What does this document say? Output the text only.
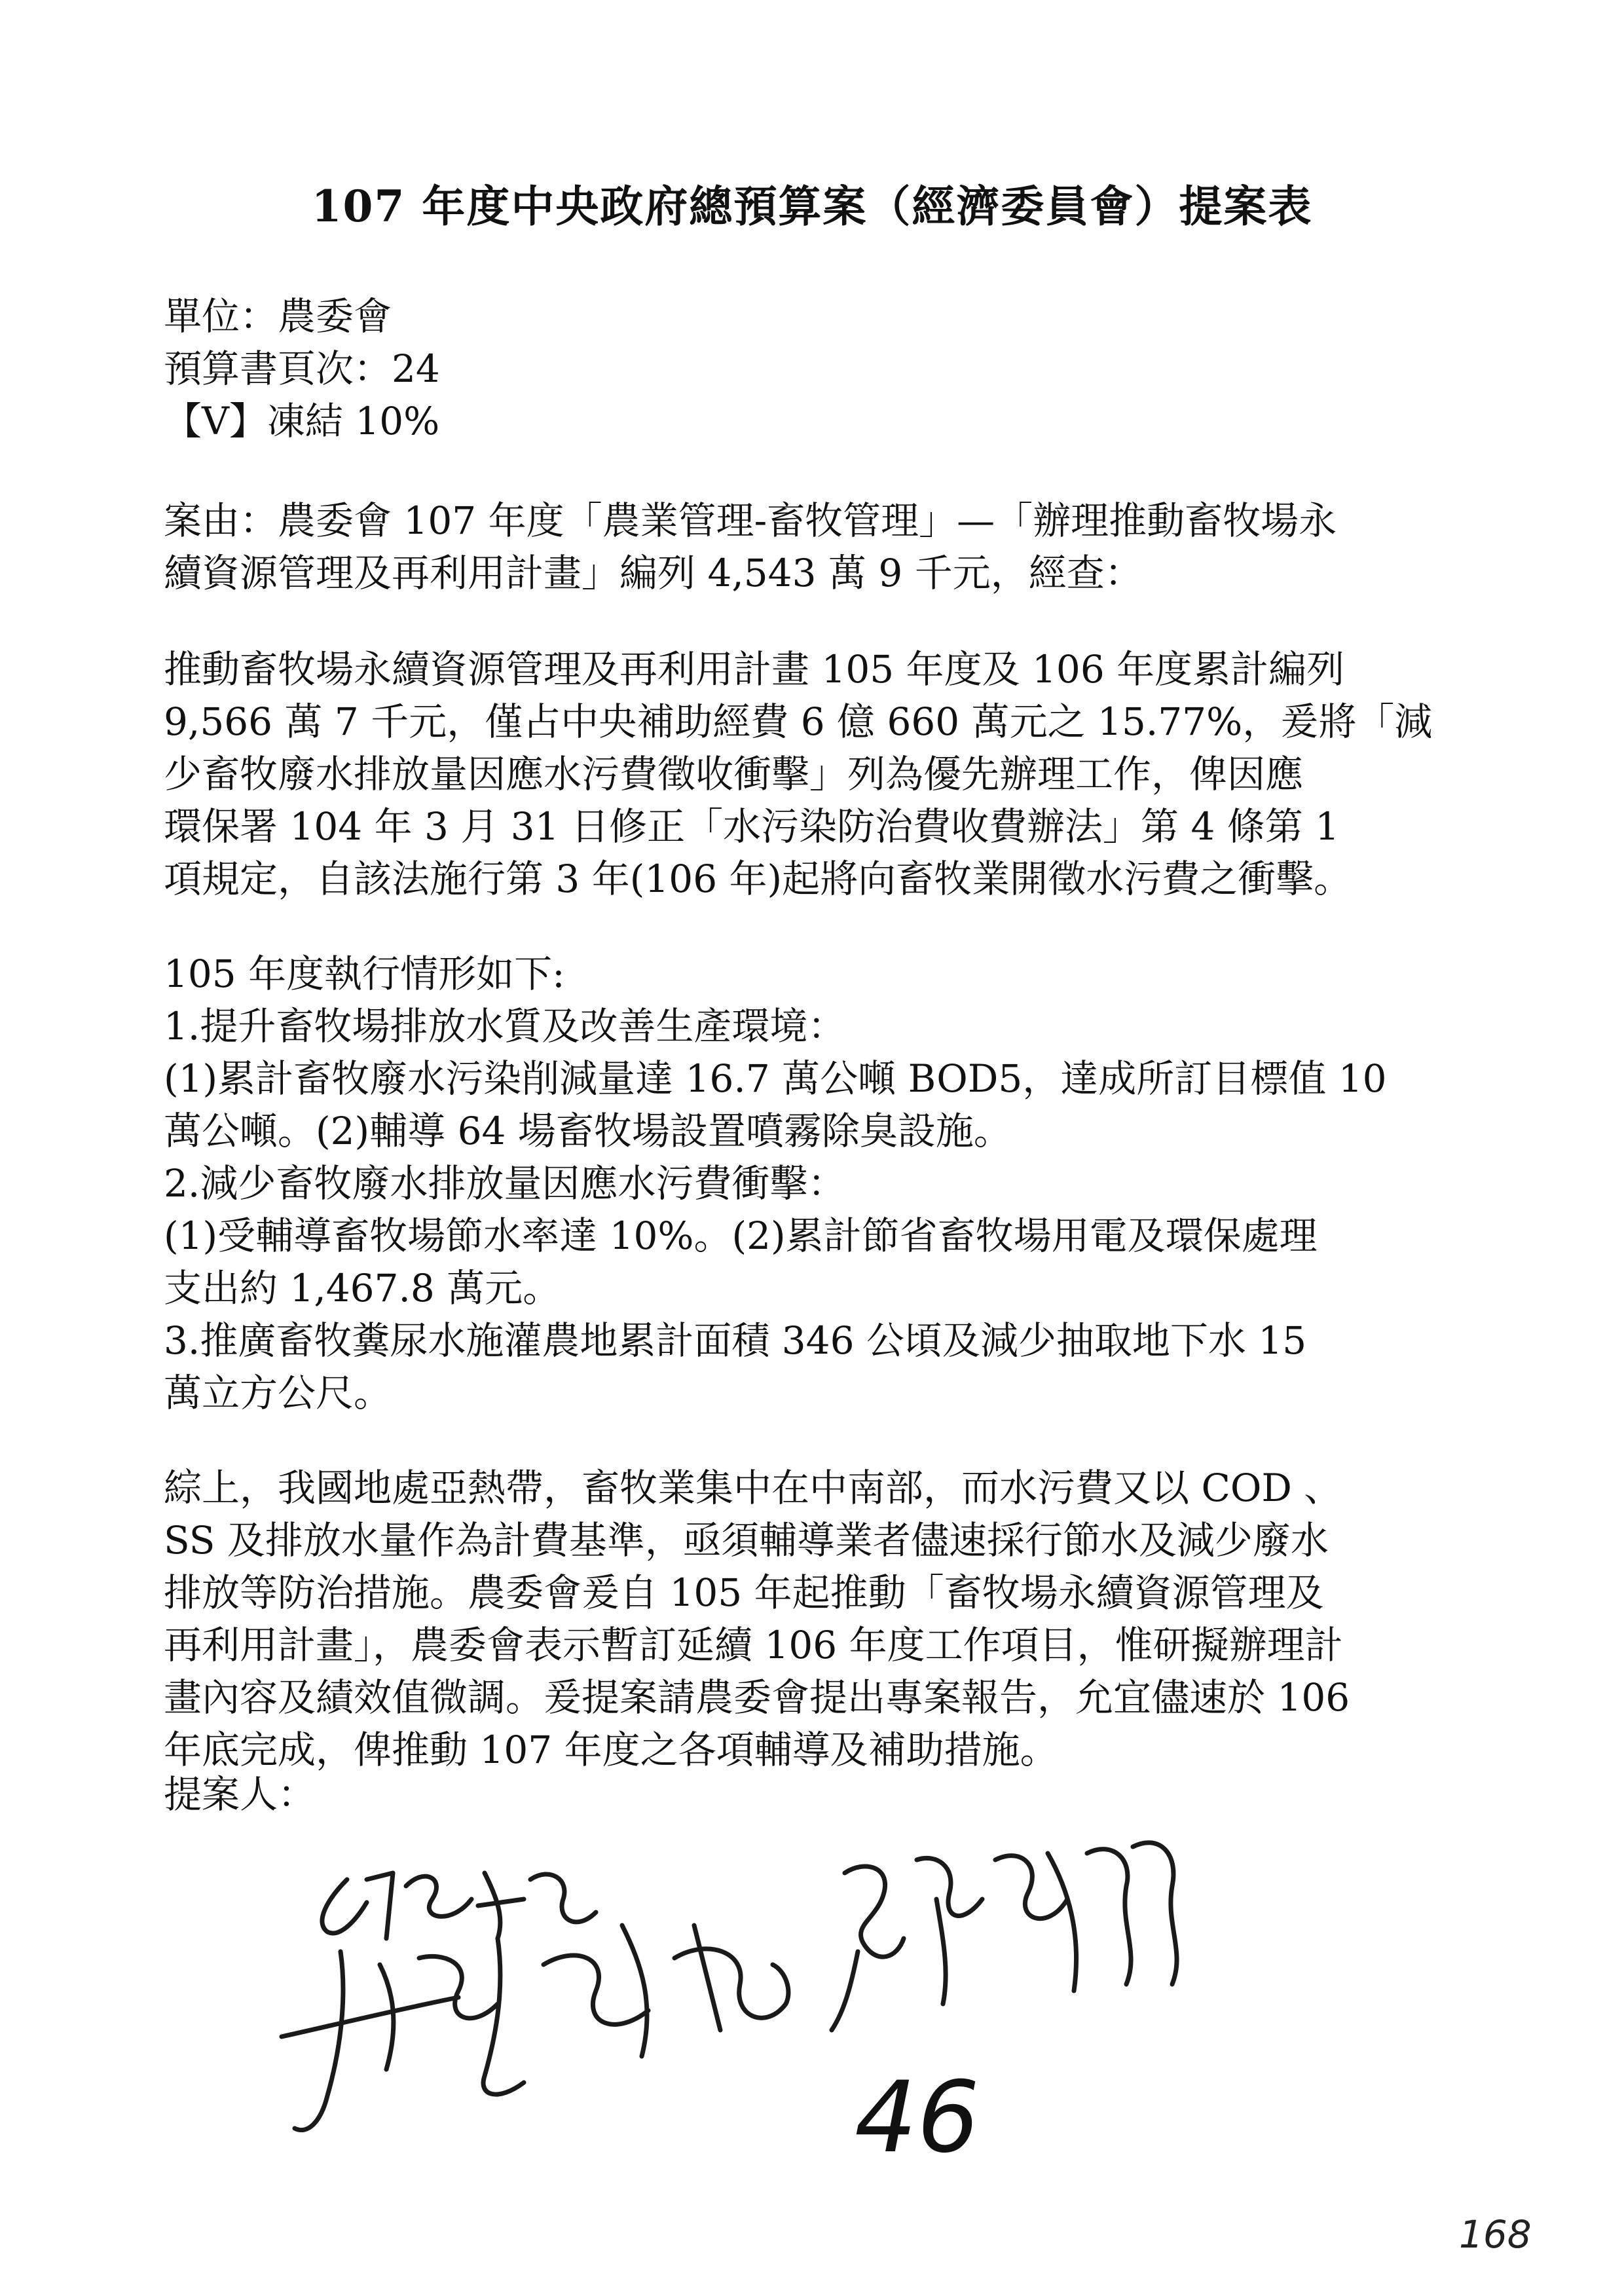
107 年度中央政府總預算案（經濟委員會）提案表

單位：農委會

預算書頁次：24

【V】凍結 10%

案由：農委會 107 年度「農業管理-畜牧管理」—「辦理推動畜牧場永

續資源管理及再利用計畫」編列 4,543 萬 9 千元，經查：

推動畜牧場永續資源管理及再利用計畫 105 年度及 106 年度累計編列

9,566 萬 7 千元，僅占中央補助經費 6 億 660 萬元之 15.77%，爰將「減

少畜牧廢水排放量因應水污費徵收衝擊」列為優先辦理工作，俾因應

環保署 104 年 3 月 31 日修正「水污染防治費收費辦法」第 4 條第 1

項規定，自該法施行第 3 年(106 年)起將向畜牧業開徵水污費之衝擊。

105 年度執行情形如下:

1.提升畜牧場排放水質及改善生產環境：

(1)累計畜牧廢水污染削減量達 16.7 萬公噸 BOD5，達成所訂目標值 10

萬公噸。(2)輔導 64 場畜牧場設置噴霧除臭設施。

2.減少畜牧廢水排放量因應水污費衝擊：

(1)受輔導畜牧場節水率達 10%。(2)累計節省畜牧場用電及環保處理

支出約 1,467.8 萬元。

3.推廣畜牧糞尿水施灌農地累計面積 346 公頃及減少抽取地下水 15

萬立方公尺。

綜上，我國地處亞熱帶，畜牧業集中在中南部，而水污費又以 COD 、

SS 及排放水量作為計費基準，亟須輔導業者儘速採行節水及減少廢水

排放等防治措施。農委會爰自 105 年起推動「畜牧場永續資源管理及

再利用計畫」，農委會表示暫訂延續 106 年度工作項目，惟研擬辦理計

畫內容及績效值微調。爰提案請農委會提出專案報告，允宜儘速於 106

年底完成，俾推動 107 年度之各項輔導及補助措施。

提案人：

46
168
